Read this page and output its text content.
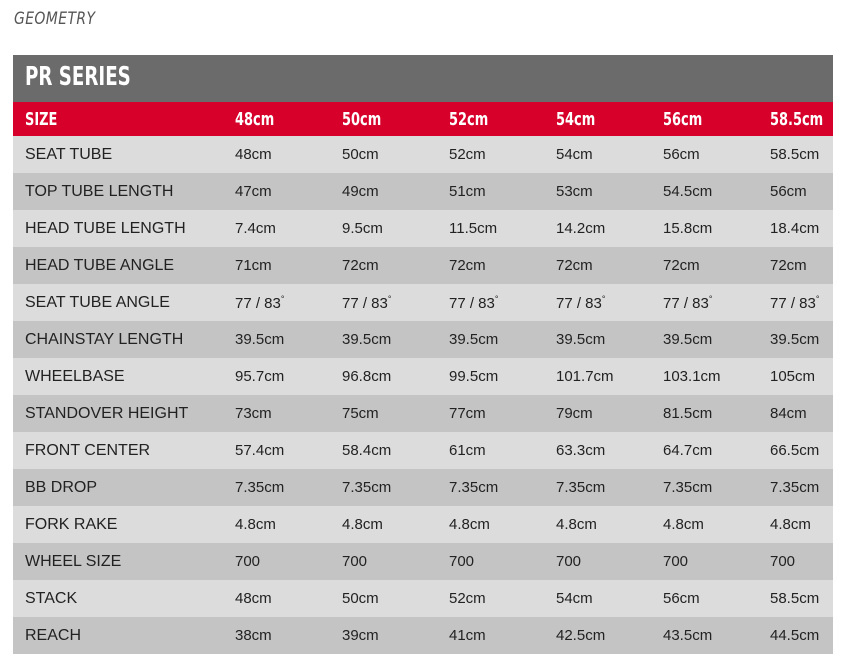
GEOMETRY
PR SERIES
SIZE	48cm	50cm	52cm	54cm	56cm	58.5cm
SEAT TUBE	48cm	50cm	52cm	54cm	56cm	58.5cm
TOP TUBE LENGTH	47cm	49cm	51cm	53cm	54.5cm	56cm
HEAD TUBE LENGTH	7.4cm	9.5cm	11.5cm	14.2cm	15.8cm	18.4cm
HEAD TUBE ANGLE	71cm	72cm	72cm	72cm	72cm	72cm
SEAT TUBE ANGLE	77 / 83°	77 / 83°	77 / 83°	77 / 83°	77 / 83°	77 / 83°
CHAINSTAY LENGTH	39.5cm	39.5cm	39.5cm	39.5cm	39.5cm	39.5cm
WHEELBASE	95.7cm	96.8cm	99.5cm	101.7cm	103.1cm	105cm
STANDOVER HEIGHT	73cm	75cm	77cm	79cm	81.5cm	84cm
FRONT CENTER	57.4cm	58.4cm	61cm	63.3cm	64.7cm	66.5cm
BB DROP	7.35cm	7.35cm	7.35cm	7.35cm	7.35cm	7.35cm
FORK RAKE	4.8cm	4.8cm	4.8cm	4.8cm	4.8cm	4.8cm
WHEEL SIZE	700	700	700	700	700	700
STACK	48cm	50cm	52cm	54cm	56cm	58.5cm
REACH	38cm	39cm	41cm	42.5cm	43.5cm	44.5cm
